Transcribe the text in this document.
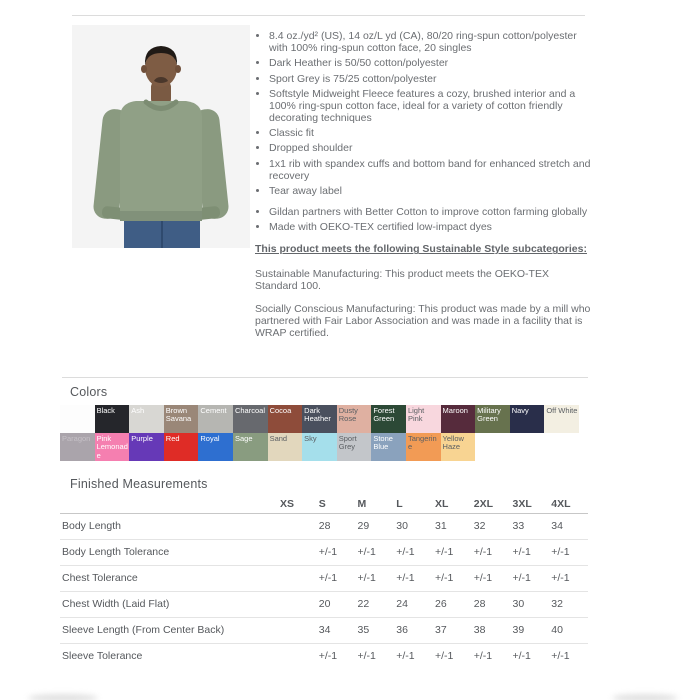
• 8.4 oz./yd² (US), 14 oz/L yd (CA), 80/20 ring-spun cotton/polyester with 100% ring-spun cotton face, 20 singles
• Dark Heather is 50/50 cotton/polyester
• Sport Grey is 75/25 cotton/polyester
• Softstyle Midweight Fleece features a cozy, brushed interior and a 100% ring-spun cotton face, ideal for a variety of cotton friendly decorating techniques
• Classic fit
• Dropped shoulder
• 1x1 rib with spandex cuffs and bottom band for enhanced stretch and recovery
• Tear away label
• Gildan partners with Better Cotton to improve cotton farming globally
• Made with OEKO-TEX certified low-impact dyes
This product meets the following Sustainable Style subcategories:

Sustainable Manufacturing: This product meets the OEKO-TEX Standard 100.

Socially Conscious Manufacturing: This product was made by a mill who partnered with Fair Labor Association and was made in a facility that is WRAP certified.

Colors
White	Black	Ash	Brown Savana
Cement	Charcoal Cocoa	Dark Heather
Dusty Rose
Forest Green
Light Pink
Maroon	Military Green
Navy	Off White
Paragon Pink Lemonade
Purple	Red	Royal	Sage	Sand	Sky	Sport Grey
Stone Blue
Tangerine
Yellow Haze
Finished Measurements
	XS	S	M	L	XL	2XL	3XL	4XL
Body Length		28	29	30	31	32	33	34
Body Length Tolerance		+/-1	+/-1	+/-1	+/-1	+/-1	+/-1	+/-1
Chest Tolerance		+/-1	+/-1	+/-1	+/-1	+/-1	+/-1	+/-1
Chest Width (Laid Flat)		20	22	24	26	28	30	32
Sleeve Length (From Center Back)		34	35	36	37	38	39	40
Sleeve Tolerance		+/-1	+/-1	+/-1	+/-1	+/-1	+/-1	+/-1
